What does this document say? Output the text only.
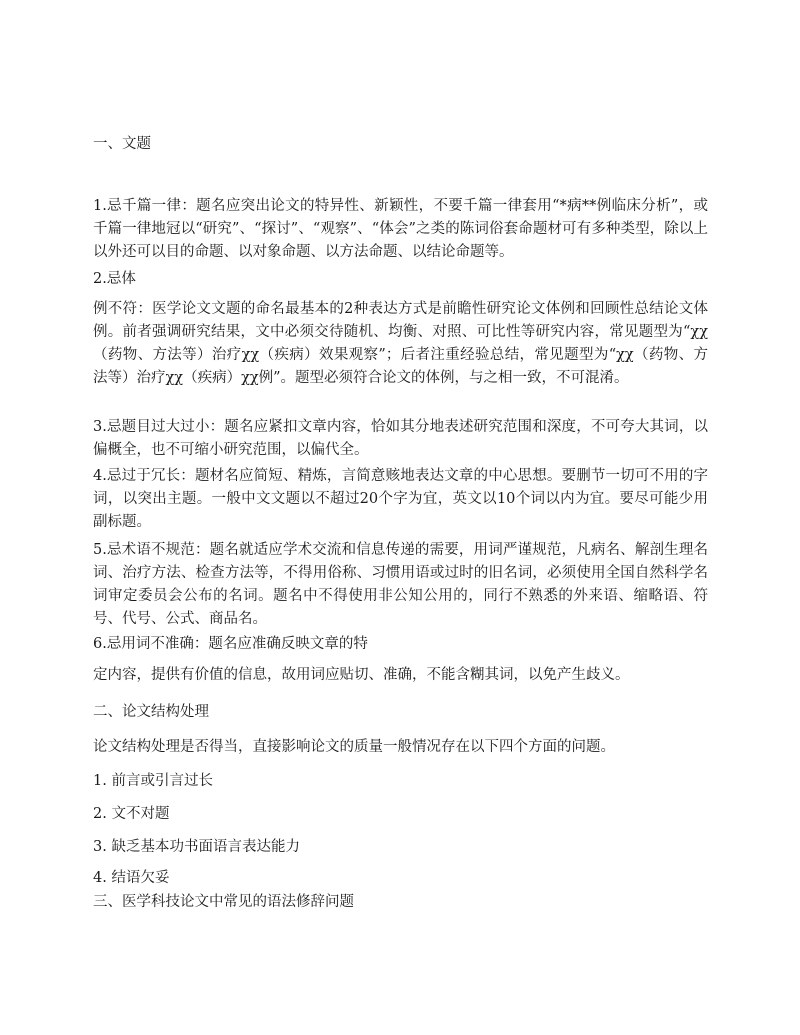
一、文题

1.忌千篇一律：题名应突出论文的特异性、新颖性，不要千篇一律套用“*病**例临床分析”，或千篇一律地冠以“研究”、“探讨”、“观察”、“体会”之类的陈词俗套命题材可有多种类型，除以上以外还可以目的命题、以对象命题、以方法命题、以结论命题等。

2.忌体

例不符：医学论文文题的命名最基本的2种表达方式是前瞻性研究论文体例和回顾性总结论文体例。前者强调研究结果，文中必须交待随机、均衡、对照、可比性等研究内容，常见题型为“χχ（药物、方法等）治疗χχ（疾病）效果观察”；后者注重经验总结，常见题型为“χχ（药物、方法等）治疗χχ（疾病）χχ例”。题型必须符合论文的体例，与之相一致，不可混淆。

3.忌题目过大过小：题名应紧扣文章内容，恰如其分地表述研究范围和深度，不可夸大其词，以偏概全，也不可缩小研究范围，以偏代全。

4.忌过于冗长：题材名应简短、精炼，言简意赅地表达文章的中心思想。要删节一切可不用的字词，以突出主题。一般中文文题以不超过20个字为宜，英文以10个词以内为宜。要尽可能少用副标题。

5.忌术语不规范：题名就适应学术交流和信息传递的需要，用词严谨规范，凡病名、解剖生理名词、治疗方法、检查方法等，不得用俗称、习惯用语或过时的旧名词，必须使用全国自然科学名词审定委员会公布的名词。题名中不得使用非公知公用的，同行不熟悉的外来语、缩略语、符号、代号、公式、商品名。

6.忌用词不准确：题名应准确反映文章的特

定内容，提供有价值的信息，故用词应贴切、准确，不能含糊其词，以免产生歧义。

二、论文结构处理

论文结构处理是否得当，直接影响论文的质量一般情况存在以下四个方面的问题。

1. 前言或引言过长

2. 文不对题

3. 缺乏基本功书面语言表达能力

4. 结语欠妥

三、医学科技论文中常见的语法修辞问题
